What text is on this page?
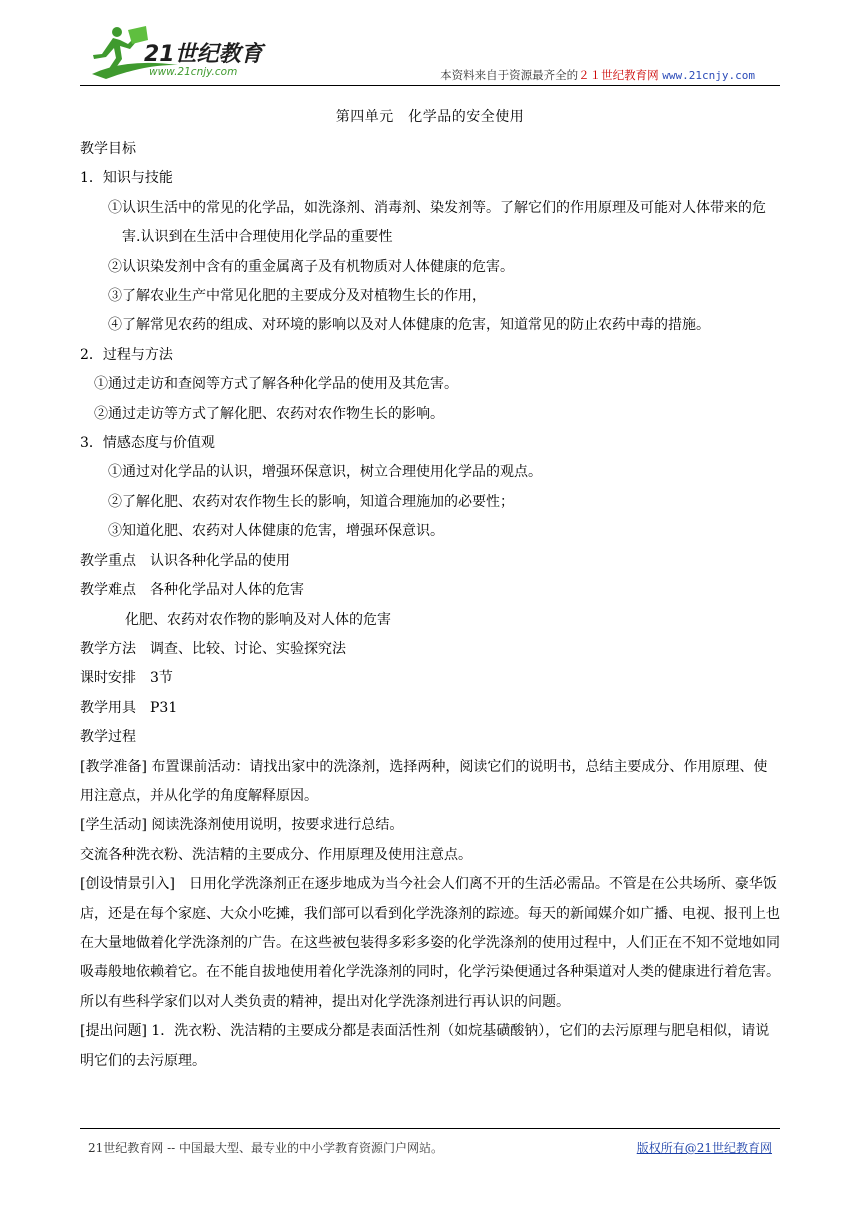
21世纪教育
www.21cnjy.com	本资料来自于资源最齐全的２１世纪教育网 www.21cnjy.com
第四单元　化学品的安全使用

教学目标

1．知识与技能

①认识生活中的常见的化学品，如洗涤剂、消毒剂、染发剂等。了解它们的作用原理及可能对人体带来的危害.认识到在生活中合理使用化学品的重要性

②认识染发剂中含有的重金属离子及有机物质对人体健康的危害。

③了解农业生产中常见化肥的主要成分及对植物生长的作用，

④了解常见农药的组成、对环境的影响以及对人体健康的危害，知道常见的防止农药中毒的措施。

2．过程与方法

①通过走访和查阅等方式了解各种化学品的使用及其危害。

②通过走访等方式了解化肥、农药对农作物生长的影响。

3．情感态度与价值观

①通过对化学品的认识，增强环保意识，树立合理使用化学品的观点。

②了解化肥、农药对农作物生长的影响，知道合理施加的必要性；

③知道化肥、农药对人体健康的危害，增强环保意识。

教学重点　认识各种化学品的使用

教学难点　各种化学品对人体的危害

化肥、农药对农作物的影响及对人体的危害

教学方法　调查、比较、讨论、实验探究法

课时安排　3节

教学用具　P31

教学过程

[教学准备] 布置课前活动：请找出家中的洗涤剂，选择两种，阅读它们的说明书，总结主要成分、作用原理、使用注意点，并从化学的角度解释原因。

[学生活动] 阅读洗涤剂使用说明，按要求进行总结。

交流各种洗衣粉、洗洁精的主要成分、作用原理及使用注意点。

[创设情景引入]　日用化学洗涤剂正在逐步地成为当今社会人们离不开的生活必需品。不管是在公共场所、豪华饭店，还是在每个家庭、大众小吃摊，我们部可以看到化学洗涤剂的踪迹。每天的新闻媒介如广播、电视、报刊上也在大量地做着化学洗涤剂的广告。在这些被包装得多彩多姿的化学洗涤剂的使用过程中，人们正在不知不觉地如同吸毒般地依赖着它。在不能自拔地使用着化学洗涤剂的同时，化学污染便通过各种渠道对人类的健康进行着危害。所以有些科学家们以对人类负责的精神，提出对化学洗涤剂进行再认识的问题。

[提出问题] 1．洗衣粉、洗洁精的主要成分都是表面活性剂（如烷基磺酸钠），它们的去污原理与肥皂相似，请说明它们的去污原理。

21世纪教育网 -- 中国最大型、最专业的中小学教育资源门户网站。	版权所有@21世纪教育网
